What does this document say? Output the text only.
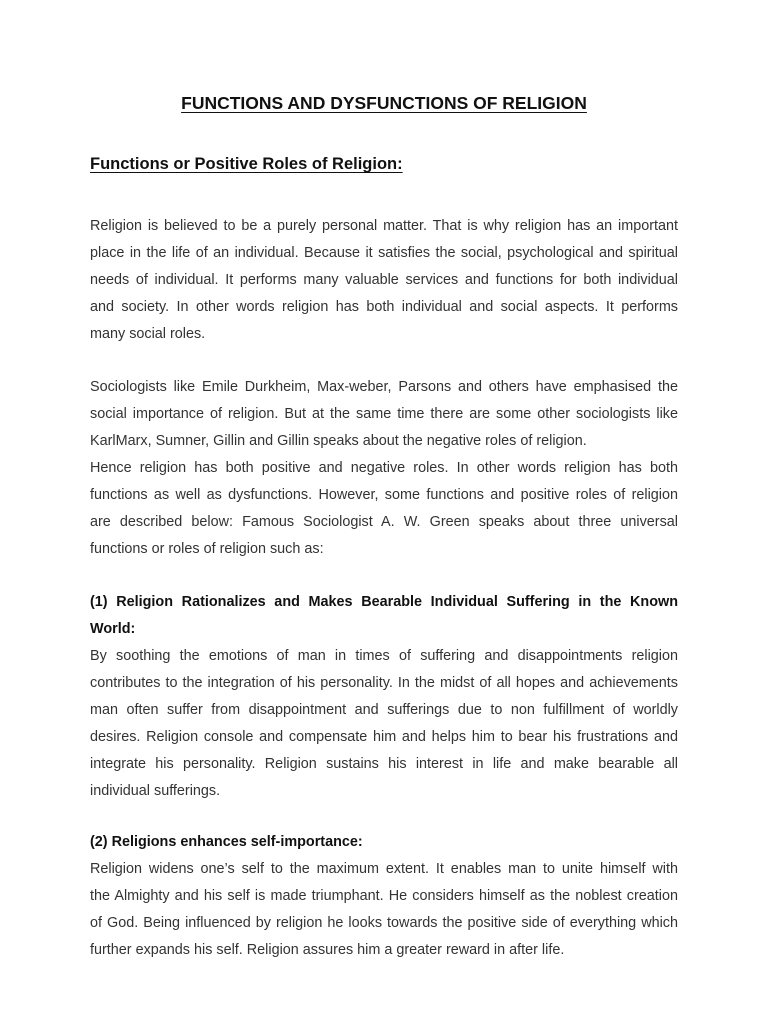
FUNCTIONS AND DYSFUNCTIONS OF RELIGION
Functions or Positive Roles of Religion:

Religion is believed to be a purely personal matter. That is why religion has an important
place in the life of an individual. Because it satisfies the social, psychological and spiritual
needs of individual. It performs many valuable services and functions for both individual
and society. In other words religion has both individual and social aspects. It performs
many social roles.

Sociologists like Emile Durkheim, Max-weber, Parsons and others have emphasised the
social importance of religion. But at the same time there are some other sociologists like
KarlMarx, Sumner, Gillin and Gillin speaks about the negative roles of religion.
Hence religion has both positive and negative roles. In other words religion has both
functions as well as dysfunctions. However, some functions and positive roles of religion
are described below: Famous Sociologist A. W. Green speaks about three universal
functions or roles of religion such as:

(1) Religion Rationalizes and Makes Bearable Individual Suffering in the Known
World:
By soothing the emotions of man in times of suffering and disappointments religion
contributes to the integration of his personality. In the midst of all hopes and achievements
man often suffer from disappointment and sufferings due to non fulfillment of worldly
desires. Religion console and compensate him and helps him to bear his frustrations and
integrate his personality. Religion sustains his interest in life and make bearable all
individual sufferings.

(2) Religions enhances self-importance:
Religion widens one’s self to the maximum extent. It enables man to unite himself with
the Almighty and his self is made triumphant. He considers himself as the noblest creation
of God. Being influenced by religion he looks towards the positive side of everything which
further expands his self. Religion assures him a greater reward in after life.
